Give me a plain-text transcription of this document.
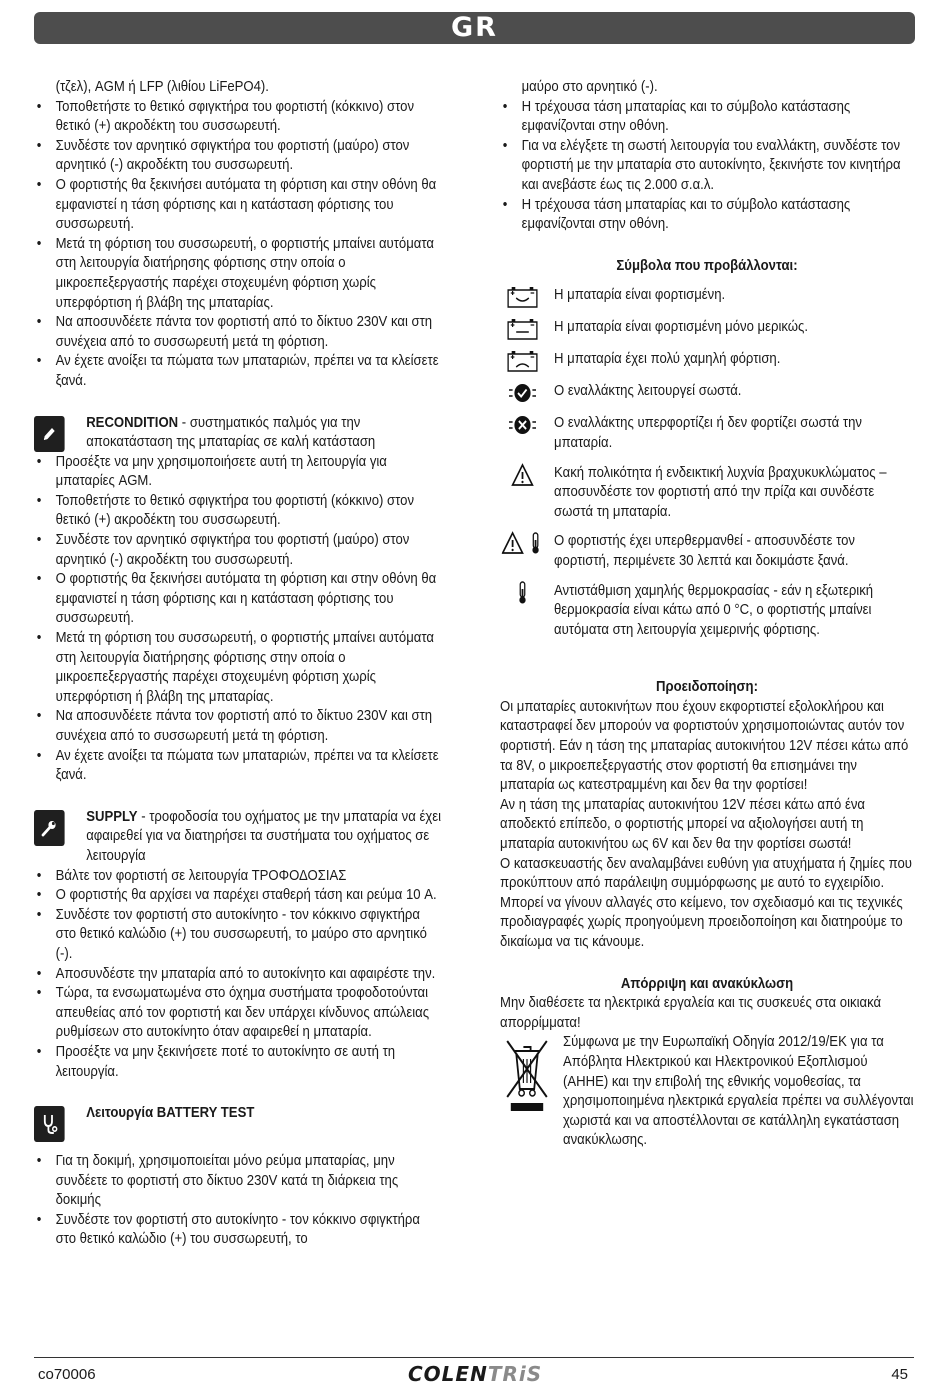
GR
(τζελ), AGM ή LFP (λιθίου LiFePO4).
• Τοποθετήστε το θετικό σφιγκτήρα του φορτιστή (κόκκινο) στον θετικό (+) ακροδέκτη του συσσωρευτή.
• Συνδέστε τον αρνητικό σφιγκτήρα του φορτιστή (μαύρο) στον αρνητικό (-) ακροδέκτη του συσσωρευτή.
• Ο φορτιστής θα ξεκινήσει αυτόματα τη φόρτιση και στην οθόνη θα εμφανιστεί η τάση φόρτισης και η κατάσταση φόρτισης του συσσωρευτή.
• Μετά τη φόρτιση του συσσωρευτή, ο φορτιστής μπαίνει αυτόματα στη λειτουργία διατήρησης φόρτισης στην οποία ο μικροεπεξεργαστής παρέχει στοχευμένη φόρτιση χωρίς υπερφόρτιση ή βλάβη της μπαταρίας.
• Να αποσυνδέετε πάντα τον φορτιστή από το δίκτυο 230V και στη συνέχεια από το συσσωρευτή μετά τη φόρτιση.
• Αν έχετε ανοίξει τα πώματα των μπαταριών, πρέπει να τα κλείσετε ξανά.
RECONDITION - συστηματικός παλμός για την αποκατάσταση της μπαταρίας σε καλή κατάσταση
• Προσέξτε να μην χρησιμοποιήσετε αυτή τη λειτουργία για μπαταρίες AGM.
• Τοποθετήστε το θετικό σφιγκτήρα του φορτιστή (κόκκινο) στον θετικό (+) ακροδέκτη του συσσωρευτή.
• Συνδέστε τον αρνητικό σφιγκτήρα του φορτιστή (μαύρο) στον αρνητικό (-) ακροδέκτη του συσσωρευτή.
• Ο φορτιστής θα ξεκινήσει αυτόματα τη φόρτιση και στην οθόνη θα εμφανιστεί η τάση φόρτισης και η κατάσταση φόρτισης του συσσωρευτή.
• Μετά τη φόρτιση του συσσωρευτή, ο φορτιστής μπαίνει αυτόματα στη λειτουργία διατήρησης φόρτισης στην οποία ο μικροεπεξεργαστής παρέχει στοχευμένη φόρτιση χωρίς υπερφόρτιση ή βλάβη της μπαταρίας.
• Να αποσυνδέετε πάντα τον φορτιστή από το δίκτυο 230V και στη συνέχεια από το συσσωρευτή μετά τη φόρτιση.
• Αν έχετε ανοίξει τα πώματα των μπαταριών, πρέπει να τα κλείσετε ξανά.
SUPPLY - τροφοδοσία του οχήματος με την μπαταρία να έχει αφαιρεθεί για να διατηρήσει τα συστήματα του οχήματος σε λειτουργία
• Βάλτε τον φορτιστή σε λειτουργία ΤΡΟΦΟΔΟΣΙΑΣ
• Ο φορτιστής θα αρχίσει να παρέχει σταθερή τάση και ρεύμα 10 A.
• Συνδέστε τον φορτιστή στο αυτοκίνητο - τον κόκκινο σφιγκτήρα στο θετικό καλώδιο (+) του συσσωρευτή, το μαύρο στο αρνητικό (-).
• Αποσυνδέστε την μπαταρία από το αυτοκίνητο και αφαιρέστε την.
• Τώρα, τα ενσωματωμένα στο όχημα συστήματα τροφοδοτούνται απευθείας από τον φορτιστή και δεν υπάρχει κίνδυνος απώλειας ρυθμίσεων στο αυτοκίνητο όταν αφαιρεθεί η μπαταρία.
• Προσέξτε να μην ξεκινήσετε ποτέ το αυτοκίνητο σε αυτή τη λειτουργία.
Λειτουργία BATTERY TEST
• Για τη δοκιμή, χρησιμοποιείται μόνο ρεύμα μπαταρίας, μην συνδέετε το φορτιστή στο δίκτυο 230V κατά τη διάρκεια της δοκιμής
• Συνδέστε τον φορτιστή στο αυτοκίνητο - τον κόκκινο σφιγκτήρα στο θετικό καλώδιο (+) του συσσωρευτή, το
μαύρο στο αρνητικό (-).
• Η τρέχουσα τάση μπαταρίας και το σύμβολο κατάστασης εμφανίζονται στην οθόνη.
• Για να ελέγξετε τη σωστή λειτουργία του εναλλάκτη, συνδέστε τον φορτιστή με την μπαταρία στο αυτοκίνητο, ξεκινήστε τον κινητήρα και ανεβάστε έως τις 2.000 σ.α.λ.
• Η τρέχουσα τάση μπαταρίας και το σύμβολο κατάστασης εμφανίζονται στην οθόνη.
Σύμβολα που προβάλλονται:
Η μπαταρία είναι φορτισμένη.
Η μπαταρία είναι φορτισμένη μόνο μερικώς.
Η μπαταρία έχει πολύ χαμηλή φόρτιση.
Ο εναλλάκτης λειτουργεί σωστά.
Ο εναλλάκτης υπερφορτίζει ή δεν φορτίζει σωστά την μπαταρία.
Κακή πολικότητα ή ενδεικτική λυχνία βραχυκυκλώματος – αποσυνδέστε τον φορτιστή από την πρίζα και συνδέστε σωστά τη μπαταρία.
Ο φορτιστής έχει υπερθερμανθεί - αποσυνδέστε τον φορτιστή, περιμένετε 30 λεπτά και δοκιμάστε ξανά.
Αντιστάθμιση χαμηλής θερμοκρασίας - εάν η εξωτερική θερμοκρασία είναι κάτω από 0 °C, ο φορτιστής μπαίνει αυτόματα στη λειτουργία χειμερινής φόρτισης.
Προειδοποίηση:
Οι μπαταρίες αυτοκινήτων που έχουν εκφορτιστεί εξολοκλήρου και καταστραφεί δεν μπορούν να φορτιστούν χρησιμοποιώντας αυτόν τον φορτιστή. Εάν η τάση της μπαταρίας αυτοκινήτου 12V πέσει κάτω από τα 8V, ο μικροεπεξεργαστής στον φορτιστή θα επισημάνει την μπαταρία ως κατεστραμμένη και δεν θα την φορτίσει!
Αν η τάση της μπαταρίας αυτοκινήτου 12V πέσει κάτω από ένα αποδεκτό επίπεδο, ο φορτιστής μπορεί να αξιολογήσει αυτή τη μπαταρία αυτοκινήτου ως 6V και δεν θα την φορτίσει σωστά!
Ο κατασκευαστής δεν αναλαμβάνει ευθύνη για ατυχήματα ή ζημίες που προκύπτουν από παράλειψη συμμόρφωσης με αυτό το εγχειρίδιο.
Μπορεί να γίνουν αλλαγές στο κείμενο, τον σχεδιασμό και τις τεχνικές προδιαγραφές χωρίς προηγούμενη προειδοποίηση και διατηρούμε το δικαίωμα να τις κάνουμε.
Απόρριψη και ανακύκλωση
Μην διαθέσετε τα ηλεκτρικά εργαλεία και τις συσκευές στα οικιακά απορρίμματα!
Σύμφωνα με την Ευρωπαϊκή Οδηγία 2012/19/EK για τα Απόβλητα Ηλεκτρικού και Ηλεκτρονικού Εξοπλισμού (ΑΗΗΕ) και την επιβολή της εθνικής νομοθεσίας, τα χρησιμοποιημένα ηλεκτρικά εργαλεία πρέπει να συλλέγονται χωριστά και να αποστέλλονται σε κατάλληλη εγκατάσταση ανακύκλωσης.
co70006	COLENTRiS	45
